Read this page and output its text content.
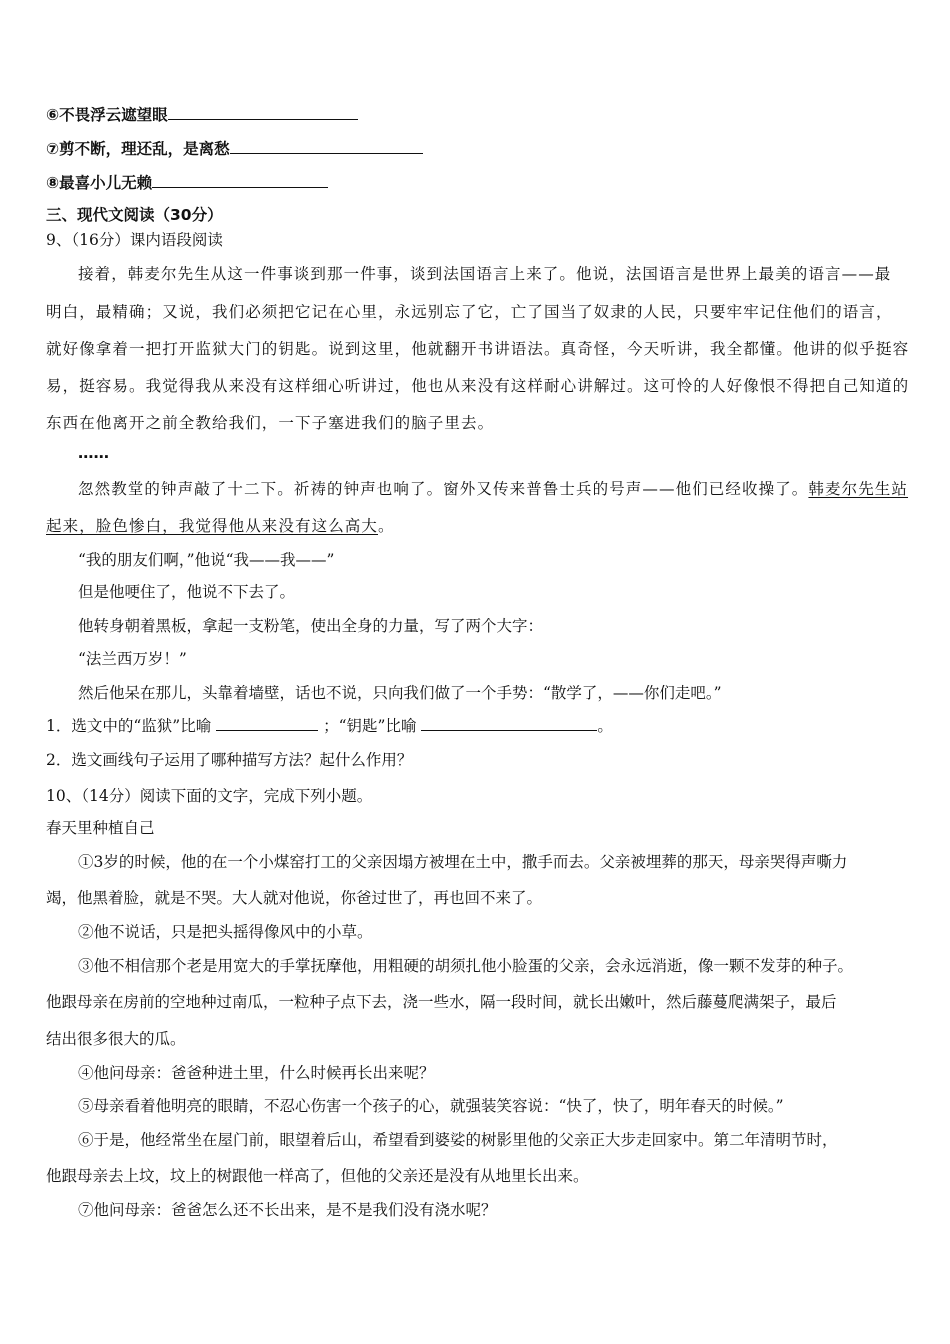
⑥不畏浮云遮望眼
⑦剪不断，理还乱，是离愁
⑧最喜小儿无赖
三、现代文阅读（30分）
9、（16分）课内语段阅读
接着，韩麦尔先生从这一件事谈到那一件事，谈到法国语言上来了。他说，法国语言是世界上最美的语言——最
明白，最精确；又说，我们必须把它记在心里，永远别忘了它，亡了国当了奴隶的人民，只要牢牢记住他们的语言，
就好像拿着一把打开监狱大门的钥匙。说到这里，他就翻开书讲语法。真奇怪，今天听讲，我全都懂。他讲的似乎挺容
易，挺容易。我觉得我从来没有这样细心听讲过，他也从来没有这样耐心讲解过。这可怜的人好像恨不得把自己知道的
东西在他离开之前全教给我们，一下子塞进我们的脑子里去。
……
忽然教堂的钟声敲了十二下。祈祷的钟声也响了。窗外又传来普鲁士兵的号声——他们已经收操了。韩麦尔先生站
起来，脸色惨白，我觉得他从来没有这么高大。
“我的朋友们啊，”他说“我——我——”
但是他哽住了，他说不下去了。
他转身朝着黑板，拿起一支粉笔，使出全身的力量，写了两个大字：
“法兰西万岁！”
然后他呆在那儿，头靠着墙壁，话也不说，只向我们做了一个手势：“散学了，——你们走吧。”
1．选文中的“监狱”比喻	；“钥匙”比喻	。
2．选文画线句子运用了哪种描写方法？起什么作用？
10、（14分）阅读下面的文字，完成下列小题。
春天里种植自己
①3岁的时候，他的在一个小煤窑打工的父亲因塌方被埋在土中，撒手而去。父亲被埋葬的那天，母亲哭得声嘶力
竭，他黑着脸，就是不哭。大人就对他说，你爸过世了，再也回不来了。
②他不说话，只是把头摇得像风中的小草。
③他不相信那个老是用宽大的手掌抚摩他，用粗硬的胡须扎他小脸蛋的父亲，会永远消逝，像一颗不发芽的种子。
他跟母亲在房前的空地种过南瓜，一粒种子点下去，浇一些水，隔一段时间，就长出嫩叶，然后藤蔓爬满架子，最后
结出很多很大的瓜。
④他问母亲：爸爸种进土里，什么时候再长出来呢？
⑤母亲看着他明亮的眼睛，不忍心伤害一个孩子的心，就强装笑容说：“快了，快了，明年春天的时候。”
⑥于是，他经常坐在屋门前，眼望着后山，希望看到婆娑的树影里他的父亲正大步走回家中。第二年清明节时，
他跟母亲去上坟，坟上的树跟他一样高了，但他的父亲还是没有从地里长出来。
⑦他问母亲：爸爸怎么还不长出来，是不是我们没有浇水呢？
